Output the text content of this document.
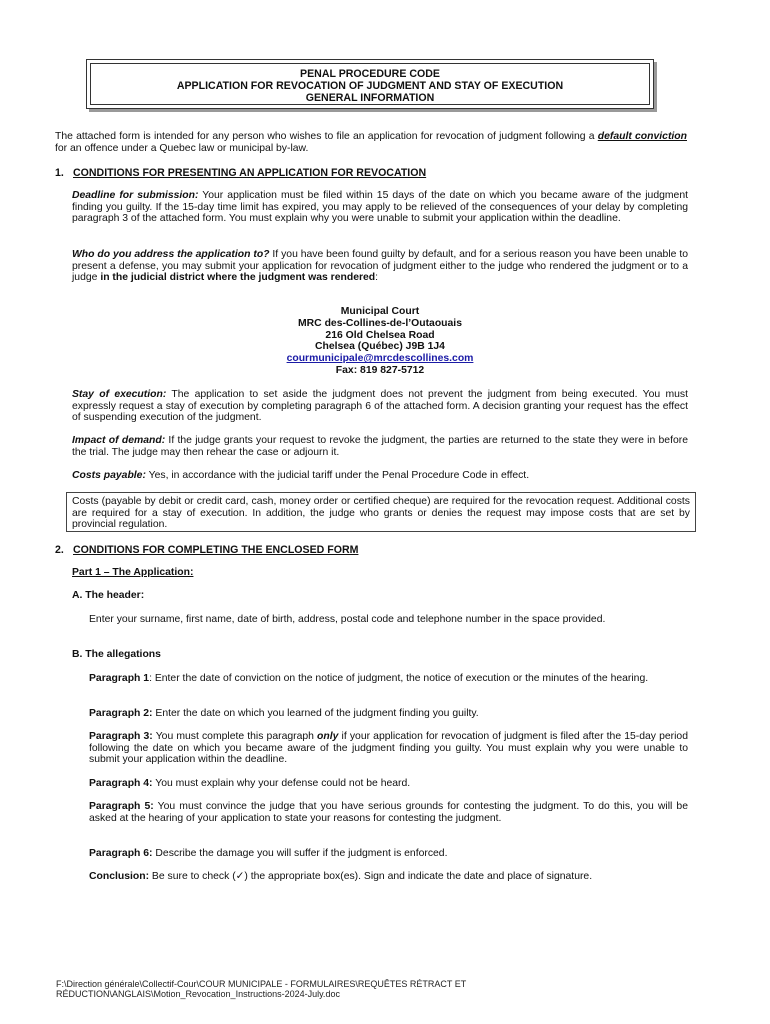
PENAL PROCEDURE CODE
APPLICATION FOR REVOCATION OF JUDGMENT AND STAY OF EXECUTION
GENERAL INFORMATION
The attached form is intended for any person who wishes to file an application for revocation of judgment following a default conviction for an offence under a Quebec law or municipal by-law.
1. CONDITIONS FOR PRESENTING AN APPLICATION FOR REVOCATION
Deadline for submission: Your application must be filed within 15 days of the date on which you became aware of the judgment finding you guilty. If the 15-day time limit has expired, you may apply to be relieved of the consequences of your delay by completing paragraph 3 of the attached form. You must explain why you were unable to submit your application within the deadline.
Who do you address the application to? If you have been found guilty by default, and for a serious reason you have been unable to present a defense, you may submit your application for revocation of judgment either to the judge who rendered the judgment or to a judge in the judicial district where the judgment was rendered:
Municipal Court
MRC des-Collines-de-l’Outaouais
216 Old Chelsea Road
Chelsea (Québec) J9B 1J4
courmunicipale@mrcdescollines.com
Fax: 819 827-5712
Stay of execution: The application to set aside the judgment does not prevent the judgment from being executed. You must expressly request a stay of execution by completing paragraph 6 of the attached form. A decision granting your request has the effect of suspending execution of the judgment.
Impact of demand: If the judge grants your request to revoke the judgment, the parties are returned to the state they were in before the trial. The judge may then rehear the case or adjourn it.
Costs payable: Yes, in accordance with the judicial tariff under the Penal Procedure Code in effect.
Costs (payable by debit or credit card, cash, money order or certified cheque) are required for the revocation request. Additional costs are required for a stay of execution. In addition, the judge who grants or denies the request may impose costs that are set by provincial regulation.
2. CONDITIONS FOR COMPLETING THE ENCLOSED FORM
Part 1 – The Application:
A. The header:
Enter your surname, first name, date of birth, address, postal code and telephone number in the space provided.
B. The allegations
Paragraph 1: Enter the date of conviction on the notice of judgment, the notice of execution or the minutes of the hearing.
Paragraph 2: Enter the date on which you learned of the judgment finding you guilty.
Paragraph 3: You must complete this paragraph only if your application for revocation of judgment is filed after the 15-day period following the date on which you became aware of the judgment finding you guilty. You must explain why you were unable to submit your application within the deadline.
Paragraph 4: You must explain why your defense could not be heard.
Paragraph 5: You must convince the judge that you have serious grounds for contesting the judgment. To do this, you will be asked at the hearing of your application to state your reasons for contesting the judgment.
Paragraph 6: Describe the damage you will suffer if the judgment is enforced.
Conclusion: Be sure to check (✓) the appropriate box(es). Sign and indicate the date and place of signature.
F:\Direction générale\Collectif-Cour\COUR MUNICIPALE - FORMULAIRES\REQUÊTES RÉTRACT ET
RÉDUCTION\ANGLAIS\Motion_Revocation_Instructions-2024-July.doc
